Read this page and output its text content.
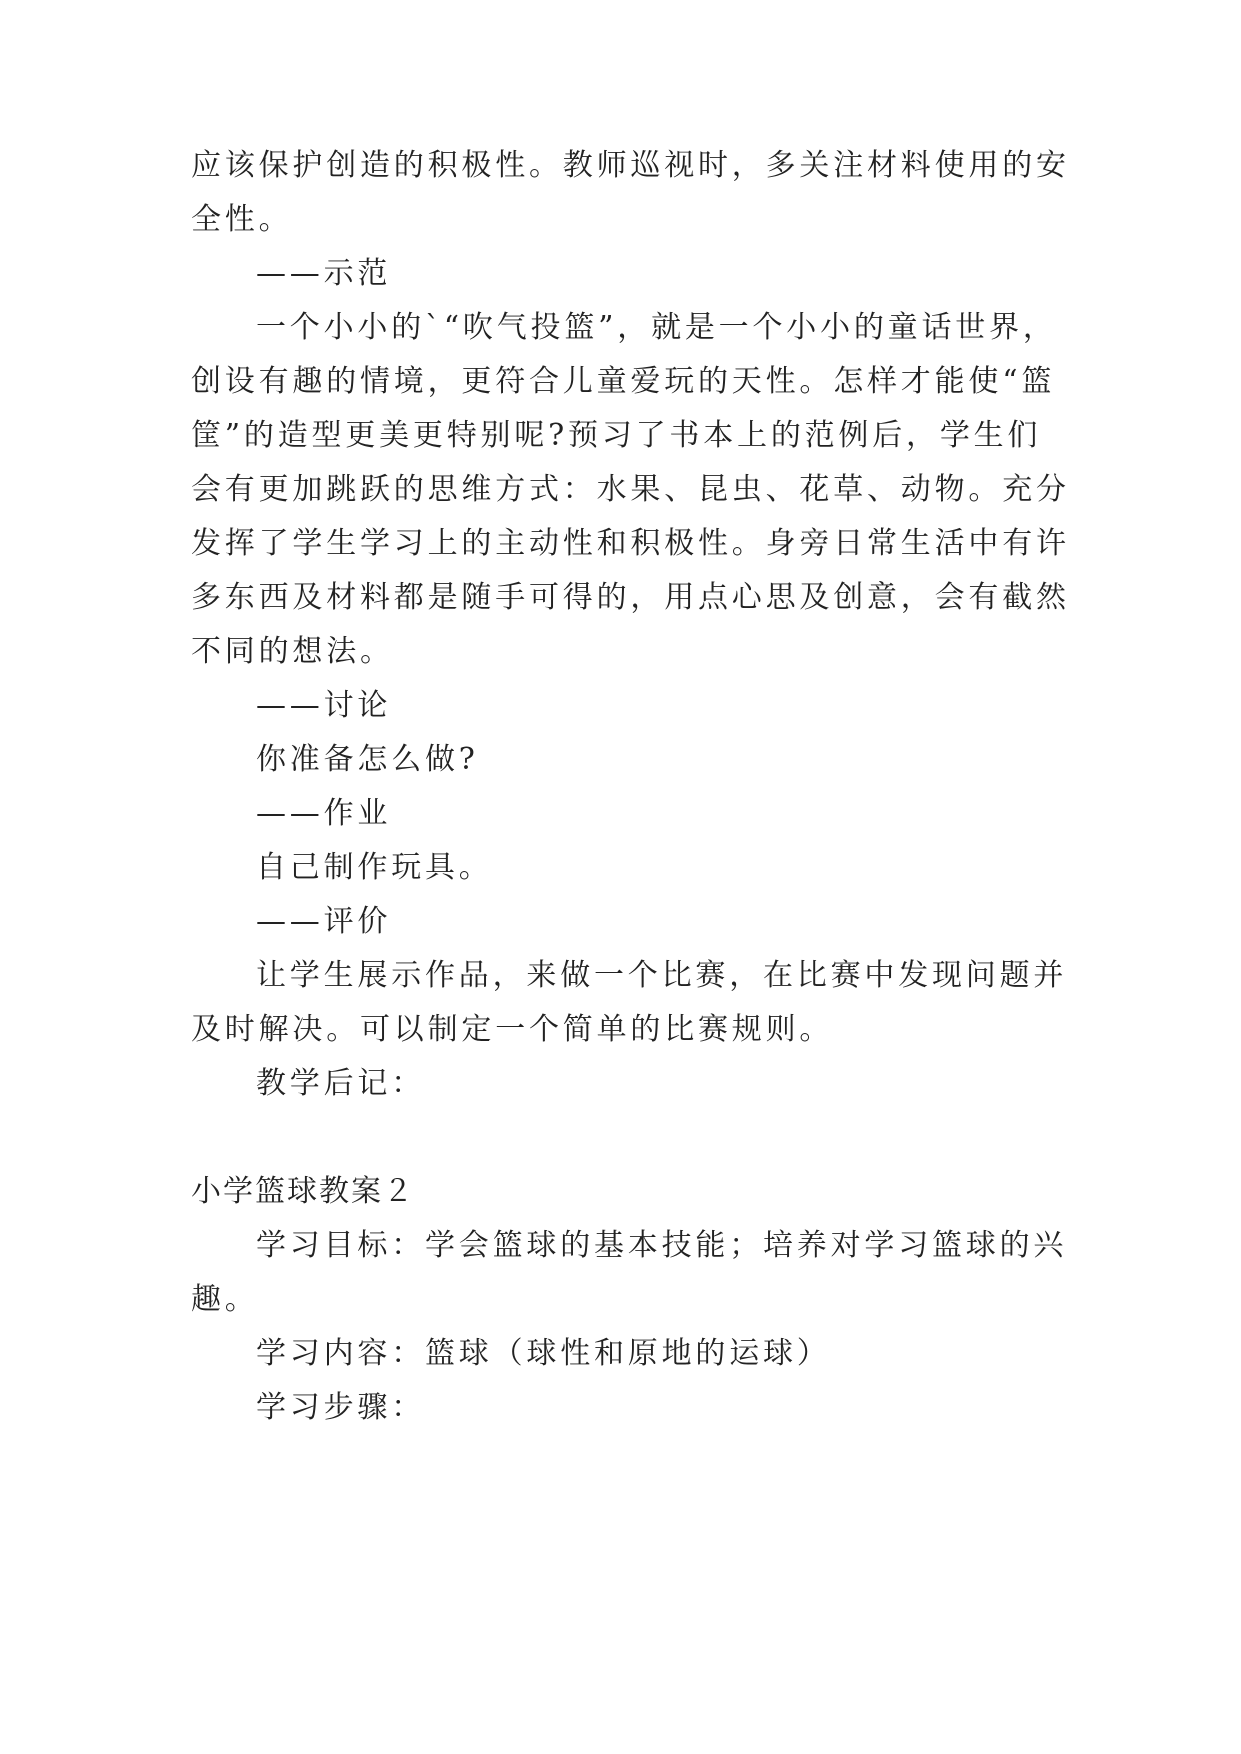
应该保护创造的积极性。教师巡视时，多关注材料使用的安
全性。
——示范
一个小小的`“吹气投篮”，就是一个小小的童话世界，
创设有趣的情境，更符合儿童爱玩的天性。怎样才能使“篮
筐”的造型更美更特别呢?预习了书本上的范例后，学生们
会有更加跳跃的思维方式：水果、昆虫、花草、动物。充分
发挥了学生学习上的主动性和积极性。身旁日常生活中有许
多东西及材料都是随手可得的，用点心思及创意，会有截然
不同的想法。
——讨论
你准备怎么做?
——作业
自己制作玩具。
——评价
让学生展示作品，来做一个比赛，在比赛中发现问题并
及时解决。可以制定一个简单的比赛规则。
教学后记：
小学篮球教案２
学习目标：学会篮球的基本技能；培养对学习篮球的兴
趣。
学习内容：篮球（球性和原地的运球）
学习步骤：
